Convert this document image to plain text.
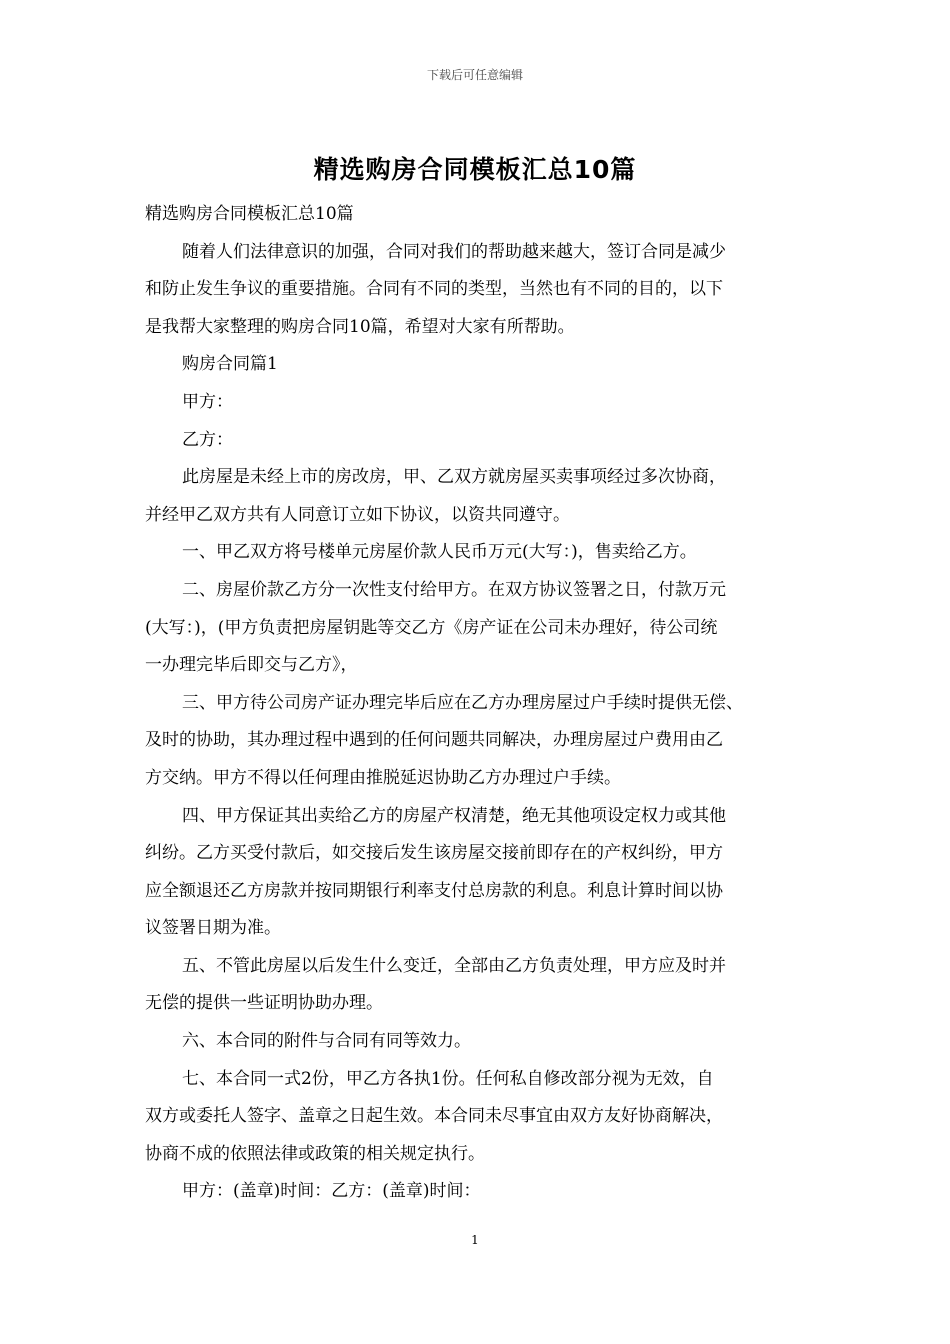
下载后可任意编辑
精选购房合同模板汇总10篇

精选购房合同模板汇总10篇

随着人们法律意识的加强，合同对我们的帮助越来越大，签订合同是减少

和防止发生争议的重要措施。合同有不同的类型，当然也有不同的目的，以下

是我帮大家整理的购房合同10篇，希望对大家有所帮助。

购房合同篇1

甲方：

乙方：

此房屋是未经上市的房改房，甲、乙双方就房屋买卖事项经过多次协商，

并经甲乙双方共有人同意订立如下协议，以资共同遵守。

一、甲乙双方将号楼单元房屋价款人民币万元(大写：)，售卖给乙方。

二、房屋价款乙方分一次性支付给甲方。在双方协议签署之日，付款万元

(大写：)，(甲方负责把房屋钥匙等交乙方《房产证在公司未办理好，待公司统

一办理完毕后即交与乙方》，

三、甲方待公司房产证办理完毕后应在乙方办理房屋过户手续时提供无偿、

及时的协助，其办理过程中遇到的任何问题共同解决，办理房屋过户费用由乙

方交纳。甲方不得以任何理由推脱延迟协助乙方办理过户手续。

四、甲方保证其出卖给乙方的房屋产权清楚，绝无其他项设定权力或其他

纠纷。乙方买受付款后，如交接后发生该房屋交接前即存在的产权纠纷，甲方

应全额退还乙方房款并按同期银行利率支付总房款的利息。利息计算时间以协

议签署日期为准。

五、不管此房屋以后发生什么变迁，全部由乙方负责处理，甲方应及时并

无偿的提供一些证明协助办理。

六、本合同的附件与合同有同等效力。

七、本合同一式2份，甲乙方各执1份。任何私自修改部分视为无效，自

双方或委托人签字、盖章之日起生效。本合同未尽事宜由双方友好协商解决，

协商不成的依照法律或政策的相关规定执行。

甲方：(盖章)时间：乙方：(盖章)时间：

1
